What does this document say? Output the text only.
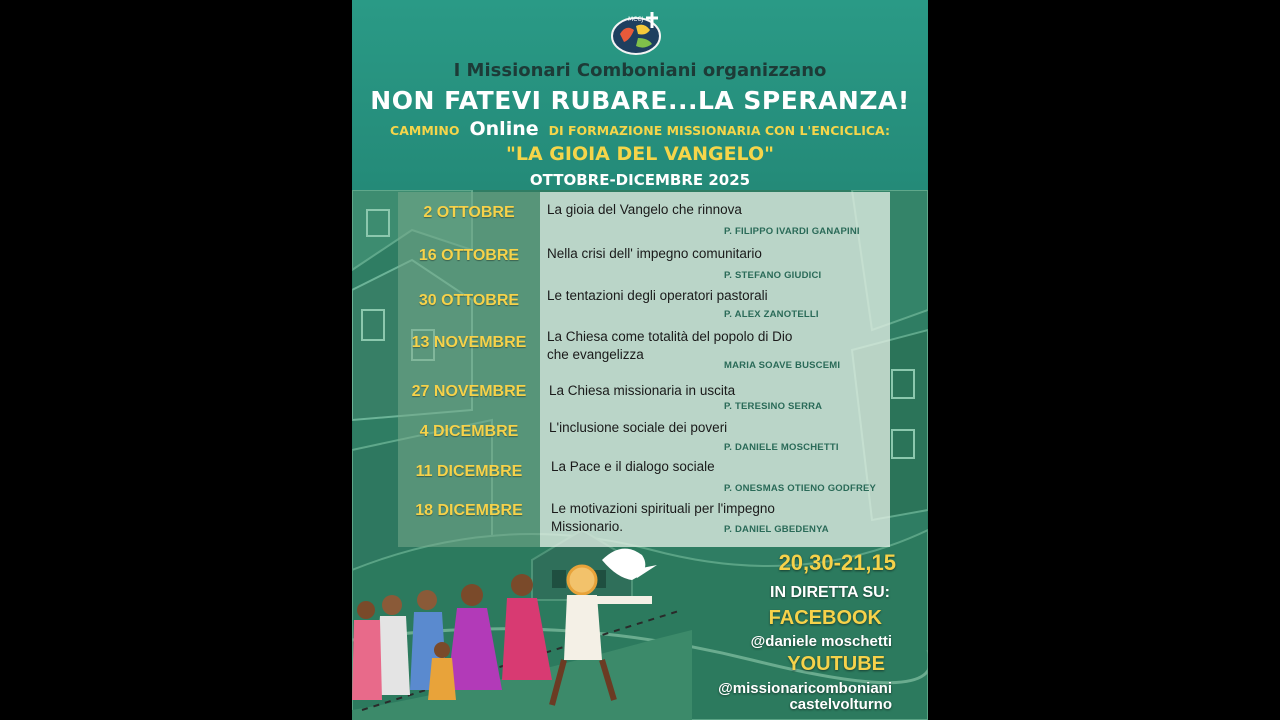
MCCJ
I Missionari Comboniani organizzano
NON FATEVI RUBARE...LA SPERANZA!
CAMMINO Online DI FORMAZIONE MISSIONARIA CON L'ENCICLICA:
"LA GIOIA DEL VANGELO"
OTTOBRE-DICEMBRE 2025
2 OTTOBRE	La gioia del Vangelo che rinnova
P. FILIPPO IVARDI GANAPINI
16 OTTOBRE	Nella crisi dell' impegno comunitario
P. STEFANO GIUDICI
30 OTTOBRE	Le tentazioni degli operatori pastorali
P. ALEX ZANOTELLI
13 NOVEMBRE	La Chiesa come totalità del popolo di Dio che evangelizza
MARIA SOAVE BUSCEMI
27 NOVEMBRE	La Chiesa missionaria in uscita
P. TERESINO SERRA
4 DICEMBRE	L'inclusione sociale dei poveri
P. DANIELE MOSCHETTI
11 DICEMBRE	La Pace e il dialogo sociale
P. ONESMAS OTIENO GODFREY
18 DICEMBRE	Le motivazioni spirituali per l'impegno Missionario.	P. DANIEL GBEDENYA
20,30-21,15
IN DIRETTA SU:
FACEBOOK
@daniele moschetti
YOUTUBE
@missionaricomboniani
castelvolturno
